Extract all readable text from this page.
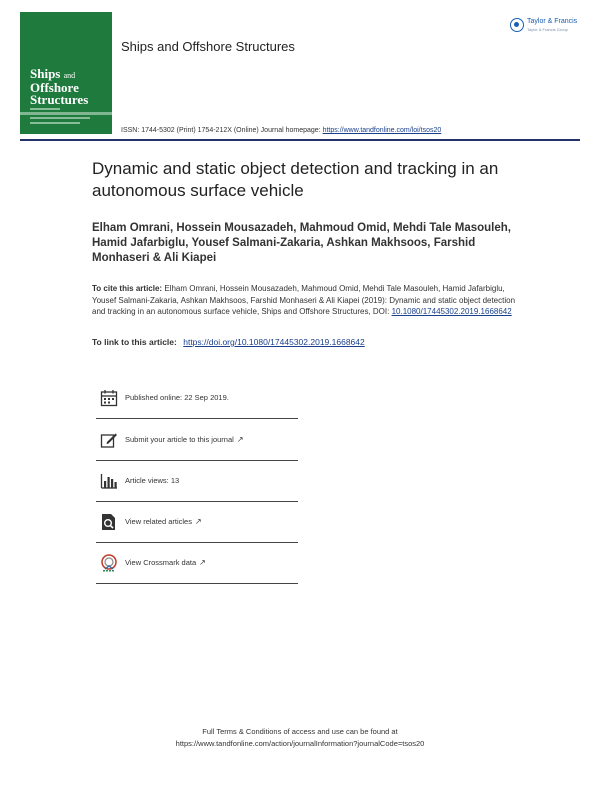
Ships and
Offshore
Structures
Ships and Offshore Structures
ISSN: 1744-5302 (Print) 1754-212X (Online) Journal homepage: https://www.tandfonline.com/loi/tsos20
Taylor & Francis
Taylor & Francis Group
Dynamic and static object detection and tracking in an autonomous surface vehicle
Elham Omrani, Hossein Mousazadeh, Mahmoud Omid, Mehdi Tale Masouleh, Hamid Jafarbiglu, Yousef Salmani-Zakaria, Ashkan Makhsoos, Farshid Monhaseri & Ali Kiapei
To cite this article: Elham Omrani, Hossein Mousazadeh, Mahmoud Omid, Mehdi Tale Masouleh, Hamid Jafarbiglu, Yousef Salmani-Zakaria, Ashkan Makhsoos, Farshid Monhaseri & Ali Kiapei (2019): Dynamic and static object detection and tracking in an autonomous surface vehicle, Ships and Offshore Structures, DOI: 10.1080/17445302.2019.1668642
To link to this article: https://doi.org/10.1080/17445302.2019.1668642
Published online: 22 Sep 2019.
Submit your article to this journal ↗
Article views: 13
View related articles ↗
View Crossmark data ↗
Full Terms & Conditions of access and use can be found at
https://www.tandfonline.com/action/journalInformation?journalCode=tsos20
